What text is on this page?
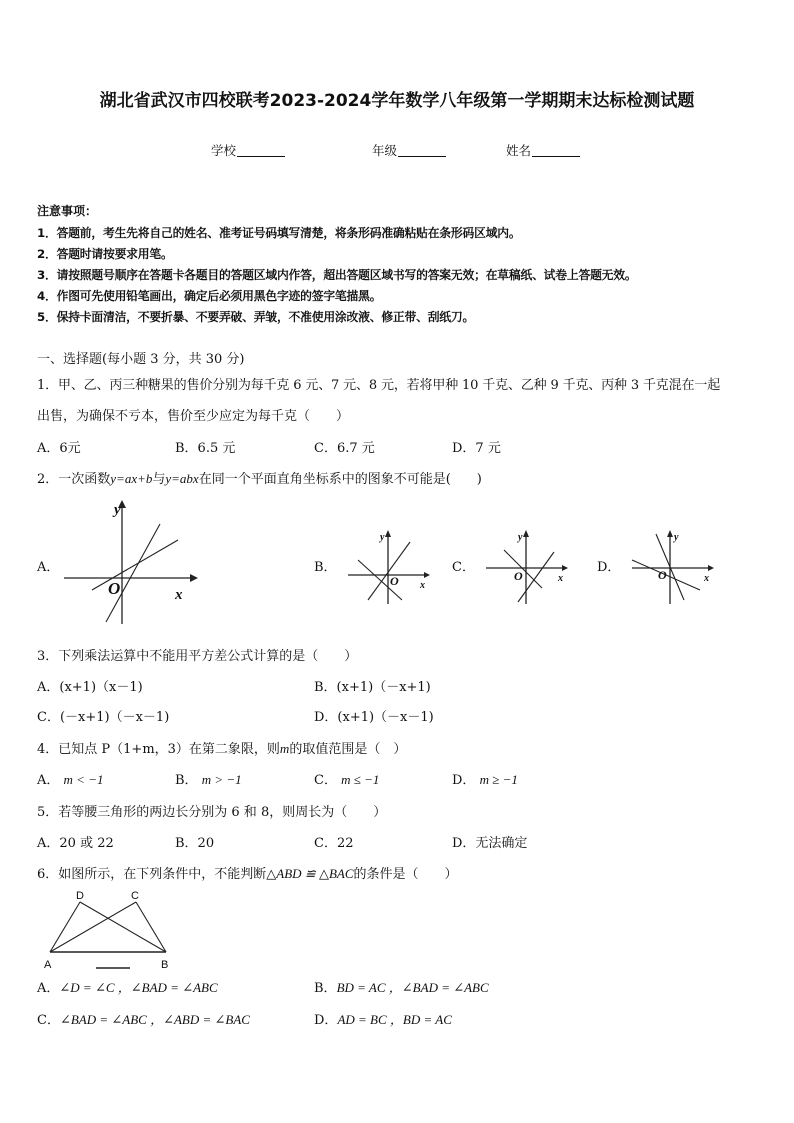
湖北省武汉市四校联考2023-2024学年数学八年级第一学期期末达标检测试题
学校	年级	姓名
注意事项：
1．答题前，考生先将自己的姓名、准考证号码填写清楚，将条形码准确粘贴在条形码区域内。
2．答题时请按要求用笔。
3．请按照题号顺序在答题卡各题目的答题区域内作答，超出答题区域书写的答案无效；在草稿纸、试卷上答题无效。
4．作图可先使用铅笔画出，确定后必须用黑色字迹的签字笔描黑。
5．保持卡面清洁，不要折暴、不要弄破、弄皱，不准使用涂改液、修正带、刮纸刀。
一、选择题(每小题 3 分，共 30 分)
1．甲、乙、丙三种糖果的售价分别为每千克 6 元、7 元、8 元，若将甲种 10 千克、乙种 9 千克、丙种 3 千克混在一起
出售，为确保不亏本，售价至少应定为每千克（　　）
A．6元	B．6.5 元	C．6.7 元	D．7 元
2．一次函数y=ax+b与y=abx在同一个平面直角坐标系中的图象不可能是(　　)
A．	B．	C．	D．
y
x
O
y
x
O
y
x
O
y
x
O
3．下列乘法运算中不能用平方差公式计算的是（　　）
A．(x+1)（x－1)	B．(x+1)（－x+1)
C．(－x+1)（－x－1)	D．(x+1)（－x－1)
4．已知点 P（1+m，3）在第二象限，则m的取值范围是（　）
A． m < −1	B． m > −1	C． m ≤ −1	D． m ≥ −1
5．若等腰三角形的两边长分别为 6 和 8，则周长为（　　）
A．20 或 22	B．20	C．22	D．无法确定
6．如图所示，在下列条件中，不能判断△ABD ≌ △BAC的条件是（　　）
D	C
A	B
A．∠D = ∠C ，∠BAD = ∠ABC	B．BD = AC ，∠BAD = ∠ABC
C．∠BAD = ∠ABC ，∠ABD = ∠BAC	D．AD = BC ，BD = AC
